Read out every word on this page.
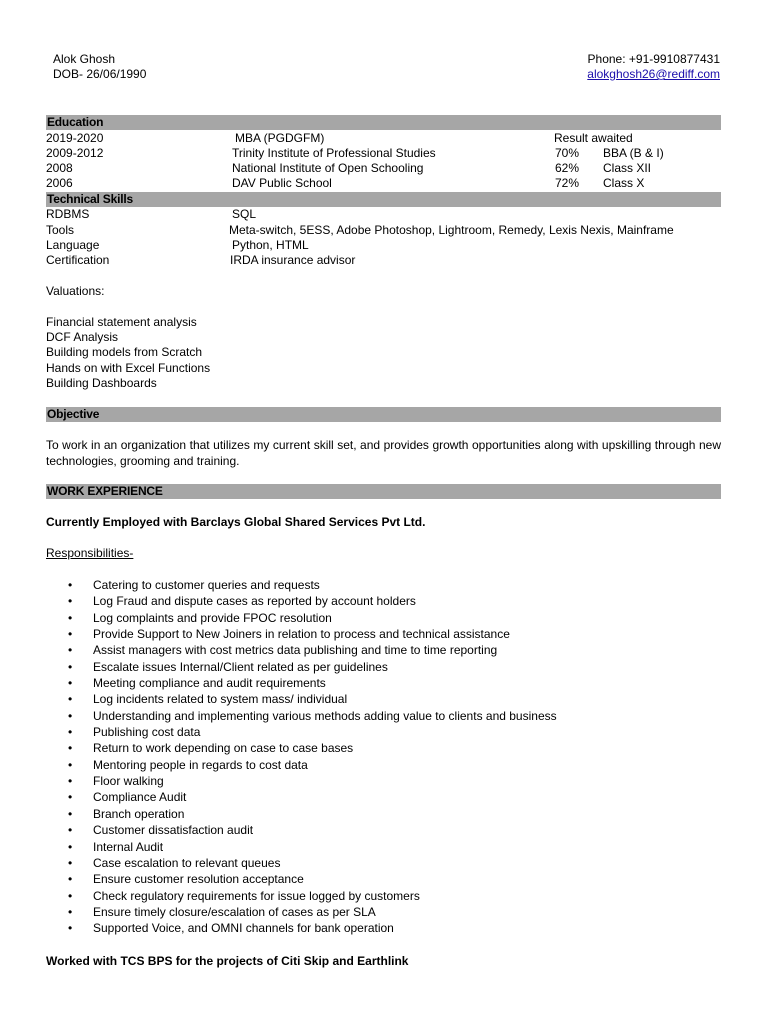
Alok Ghosh
DOB- 26/06/1990
Phone: +91-9910877431
alokghosh26@rediff.com
Education
2019-2020	MBA (PGDGFM)	Result awaited
2009-2012	Trinity Institute of Professional Studies	70% BBA (B & I)
2008	National Institute of Open Schooling	62% Class XII
2006	DAV Public School	72% Class X
Technical Skills
RDBMS	SQL
Tools	Meta-switch, 5ESS, Adobe Photoshop, Lightroom, Remedy, Lexis Nexis, Mainframe
Language	Python, HTML
Certification	IRDA insurance advisor
Valuations:
Financial statement analysis
DCF Analysis
Building models from Scratch
Hands on with Excel Functions
Building Dashboards
Objective
To work in an organization that utilizes my current skill set, and provides growth opportunities along with upskilling through new technologies, grooming and training.
WORK EXPERIENCE
Currently Employed with Barclays Global Shared Services Pvt Ltd.
Responsibilities-
• Catering to customer queries and requests
• Log Fraud and dispute cases as reported by account holders
• Log complaints and provide FPOC resolution
• Provide Support to New Joiners in relation to process and technical assistance
• Assist managers with cost metrics data publishing and time to time reporting
• Escalate issues Internal/Client related as per guidelines
• Meeting compliance and audit requirements
• Log incidents related to system mass/ individual
• Understanding and implementing various methods adding value to clients and business
• Publishing cost data
• Return to work depending on case to case bases
• Mentoring people in regards to cost data
• Floor walking
• Compliance Audit
• Branch operation
• Customer dissatisfaction audit
• Internal Audit
• Case escalation to relevant queues
• Ensure customer resolution acceptance
• Check regulatory requirements for issue logged by customers
• Ensure timely closure/escalation of cases as per SLA
• Supported Voice, and OMNI channels for bank operation
Worked with TCS BPS for the projects of Citi Skip and Earthlink
